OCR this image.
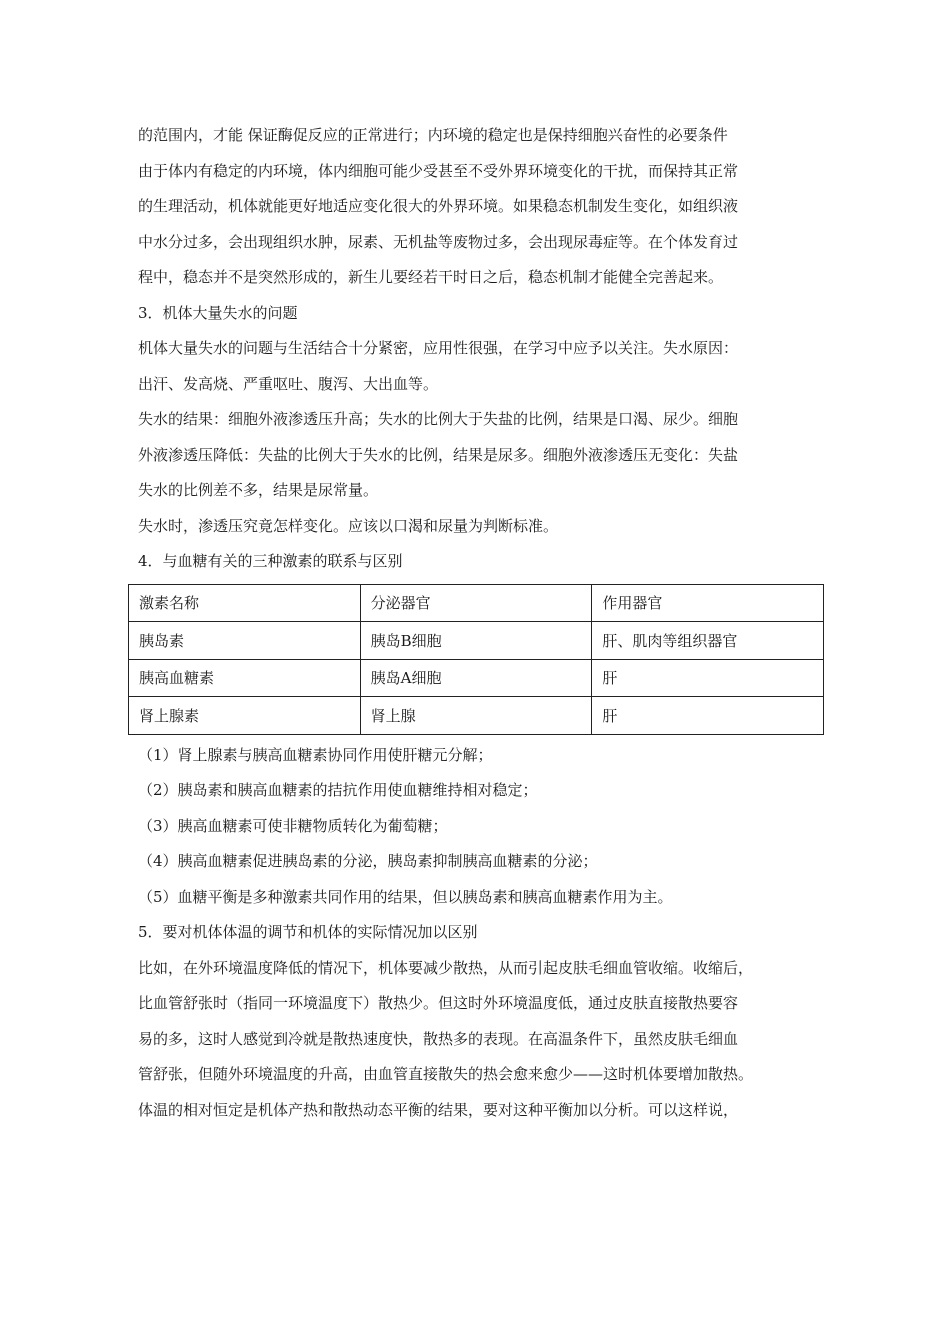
的范围内，才能 保证酶促反应的正常进行；内环境的稳定也是保持细胞兴奋性的必要条件
由于体内有稳定的内环境，体内细胞可能少受甚至不受外界环境变化的干扰，而保持其正常
的生理活动，机体就能更好地适应变化很大的外界环境。如果稳态机制发生变化，如组织液
中水分过多，会出现组织水肿，尿素、无机盐等废物过多，会出现尿毒症等。在个体发育过
程中，稳态并不是突然形成的，新生儿要经若干时日之后，稳态机制才能健全完善起来。

3．机体大量失水的问题

机体大量失水的问题与生活结合十分紧密，应用性很强，在学习中应予以关注。失水原因：
出汗、发高烧、严重呕吐、腹泻、大出血等。

失水的结果：细胞外液渗透压升高；失水的比例大于失盐的比例，结果是口渴、尿少。细胞
外液渗透压降低：失盐的比例大于失水的比例，结果是尿多。细胞外液渗透压无变化：失盐
失水的比例差不多，结果是尿常量。

失水时，渗透压究竟怎样变化。应该以口渴和尿量为判断标准。

4．与血糖有关的三种激素的联系与区别

激素名称	分泌器官	作用器官
胰岛素	胰岛B细胞	肝、肌肉等组织器官
胰高血糖素	胰岛A细胞	肝
肾上腺素	肾上腺	肝

（1）肾上腺素与胰高血糖素协同作用使肝糖元分解；

（2）胰岛素和胰高血糖素的拮抗作用使血糖维持相对稳定；

（3）胰高血糖素可使非糖物质转化为葡萄糖；

（4）胰高血糖素促进胰岛素的分泌，胰岛素抑制胰高血糖素的分泌；

（5）血糖平衡是多种激素共同作用的结果，但以胰岛素和胰高血糖素作用为主。

5．要对机体体温的调节和机体的实际情况加以区别

比如，在外环境温度降低的情况下，机体要减少散热，从而引起皮肤毛细血管收缩。收缩后，
比血管舒张时（指同一环境温度下）散热少。但这时外环境温度低，通过皮肤直接散热要容
易的多，这时人感觉到冷就是散热速度快，散热多的表现。在高温条件下，虽然皮肤毛细血
管舒张，但随外环境温度的升高，由血管直接散失的热会愈来愈少——这时机体要增加散热。
体温的相对恒定是机体产热和散热动态平衡的结果，要对这种平衡加以分析。可以这样说，
